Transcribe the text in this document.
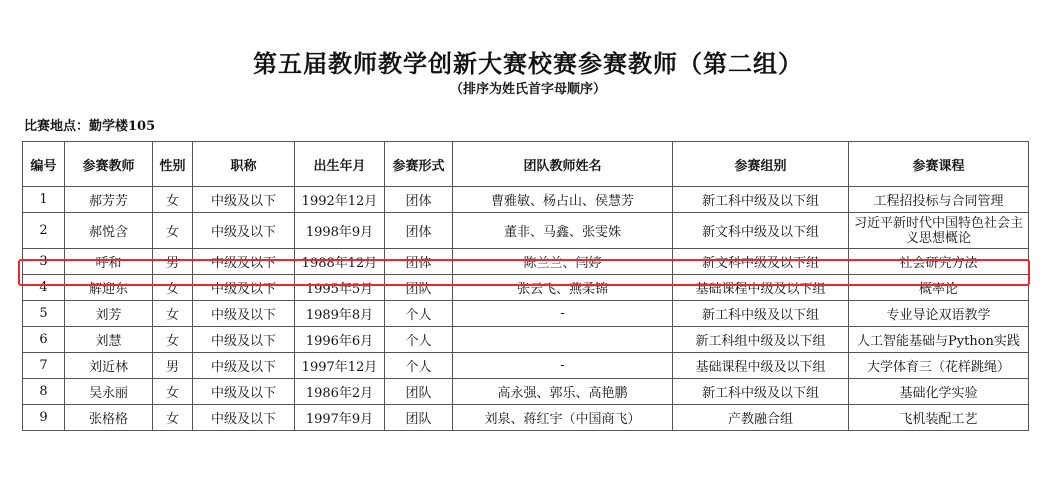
第五届教师教学创新大赛校赛参赛教师（第二组）
（排序为姓氏首字母顺序）
比赛地点：勤学楼105
编号	参赛教师	性别	职称	出生年月	参赛形式	团队教师姓名	参赛组别	参赛课程
1	郝芳芳	女	中级及以下	1992年12月	团体	曹雅敏、杨占山、侯慧芳	新工科中级及以下组	工程招投标与合同管理
2	郝悦含	女	中级及以下	1998年9月	团体	董非、马鑫、张雯姝	新文科中级及以下组	习近平新时代中国特色社会主义思想概论
3	呼和	男	中级及以下	1988年12月	团体	陈兰兰、闫婷	新文科中级及以下组	社会研究方法
4	解迎东	女	中级及以下	1995年5月	团队	张云飞、燕柔锦	基础课程中级及以下组	概率论
5	刘芳	女	中级及以下	1989年8月	个人	-	新工科中级及以下组	专业导论双语教学
6	刘慧	女	中级及以下	1996年6月	个人		新工科组中级及以下组	人工智能基础与Python实践
7	刘近林	男	中级及以下	1997年12月	个人	-	基础课程中级及以下组	大学体育三（花样跳绳）
8	吴永丽	女	中级及以下	1986年2月	团队	高永强、郭乐、高艳鹏	新工科中级及以下组	基础化学实验
9	张格格	女	中级及以下	1997年9月	团队	刘泉、蒋红宇（中国商飞）	产教融合组	飞机装配工艺
